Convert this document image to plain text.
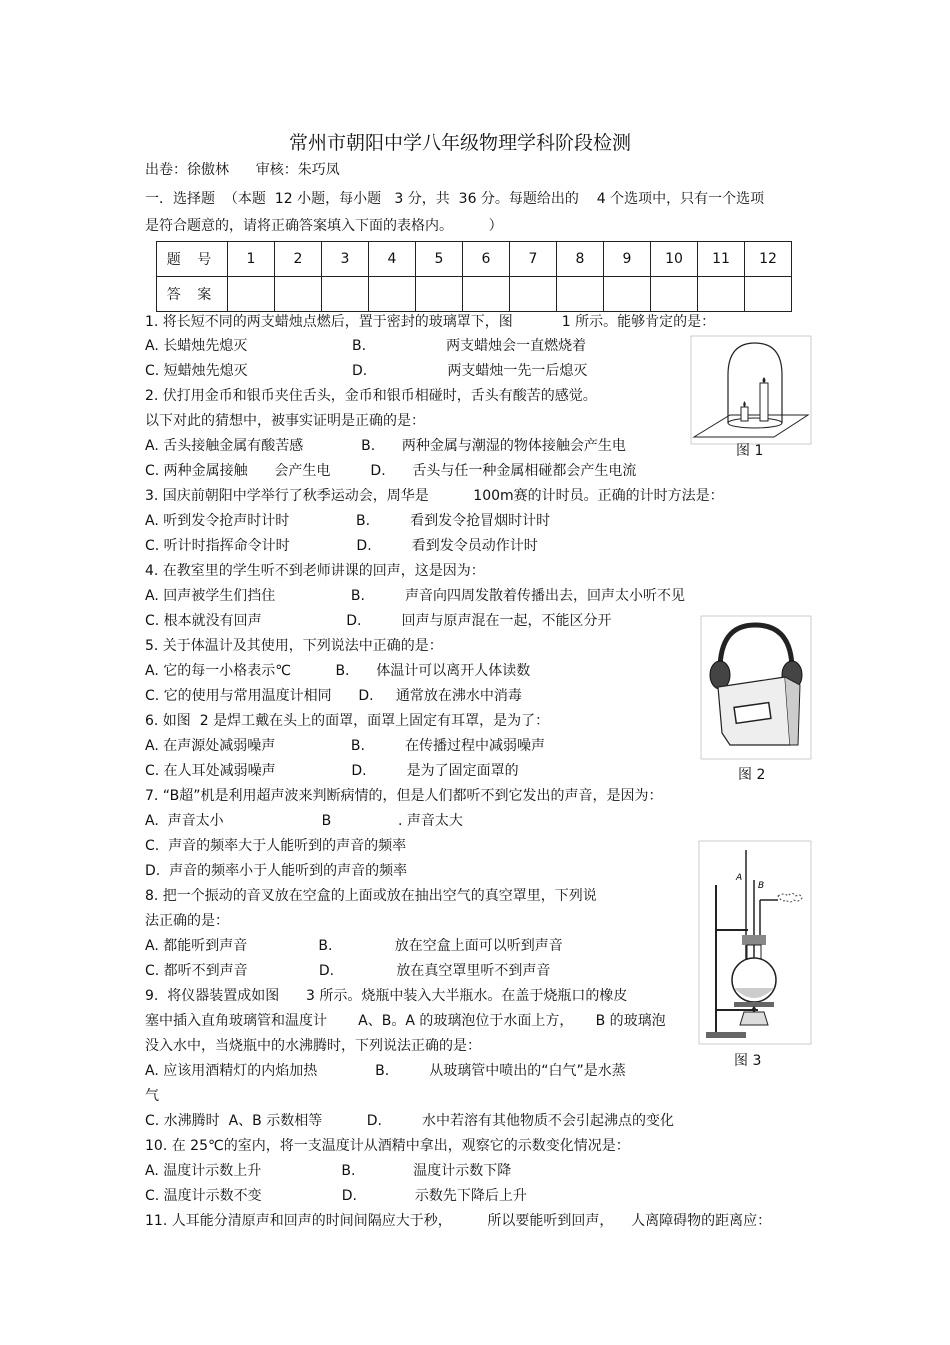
常州市朝阳中学八年级物理学科阶段检测
出卷：徐傲林      审核：朱巧凤
一．选择题  （本题  12 小题，每小题   3 分，共  36 分。每题给出的    4 个选项中，只有一个选项
是符合题意的，请将正确答案填入下面的表格内。        ）
题 号	1	2	3	4	5	6	7	8	9	10	11	12
答 案												
1. 将长短不同的两支蜡烛点燃后，置于密封的玻璃罩下，图           1 所示。能够肯定的是：
A. 长蜡烛先熄灭	B.                  两支蜡烛会一直燃烧着
C. 短蜡烛先熄灭	D.                  两支蜡烛一先一后熄灭
2. 伏打用金币和银币夹住舌头，金币和银币相碰时，舌头有酸苦的感觉。
以下对此的猜想中，被事实证明是正确的是：
A. 舌头接触金属有酸苦感             B.      两种金属与潮湿的物体接触会产生电
C. 两种金属接触      会产生电         D.      舌头与任一种金属相碰都会产生电流
3. 国庆前朝阳中学举行了秋季运动会，周华是          100m赛的计时员。正确的计时方法是：
A. 听到发令抢声时计时               B.         看到发令抢冒烟时计时
C. 听计时指挥命令计时               D.         看到发令员动作计时
4. 在教室里的学生听不到老师讲课的回声，这是因为：
A. 回声被学生们挡住                 B.         声音向四周发散着传播出去，回声太小听不见
C. 根本就没有回声                   D.         回声与原声混在一起，不能区分开
5. 关于体温计及其使用，下列说法中正确的是：
A. 它的每一小格表示℃          B.      体温计可以离开人体读数
C. 它的使用与常用温度计相同      D.     通常放在沸水中消毒
6. 如图  2 是焊工戴在头上的面罩，面罩上固定有耳罩，是为了：
A. 在声源处减弱噪声                 B.         在传播过程中减弱噪声
C. 在人耳处减弱噪声                 D.         是为了固定面罩的
7. “B超”机是利用超声波来判断病情的，但是人们都听不到它发出的声音，是因为：
A.  声音太小                      B               . 声音太大
C.  声音的频率大于人能听到的声音的频率
D.  声音的频率小于人能听到的声音的频率
8. 把一个振动的音叉放在空盒的上面或放在抽出空气的真空罩里，下列说
法正确的是：
A. 都能听到声音                B.              放在空盒上面可以听到声音
C. 都听不到声音                D.              放在真空罩里听不到声音
9.  将仪器装置成如图      3 所示。烧瓶中装入大半瓶水。在盖于烧瓶口的橡皮
塞中插入直角玻璃管和温度计       A、B。A 的玻璃泡位于水面上方，     B 的玻璃泡
没入水中，当烧瓶中的水沸腾时，下列说法正确的是：
A. 应该用酒精灯的内焰加热             B.         从玻璃管中喷出的“白气”是水蒸
气
C. 水沸腾时  A、B 示数相等          D.         水中若溶有其他物质不会引起沸点的变化
10. 在 25℃的室内，将一支温度计从酒精中拿出，观察它的示数变化情况是：
A. 温度计示数上升                  B.             温度计示数下降
C. 温度计示数不变                  D.             示数先下降后上升
11. 人耳能分清原声和回声的时间间隔应大于秒，        所以要能听到回声，    人离障碍物的距离应：
图 1
图 2
A
B
图 3
